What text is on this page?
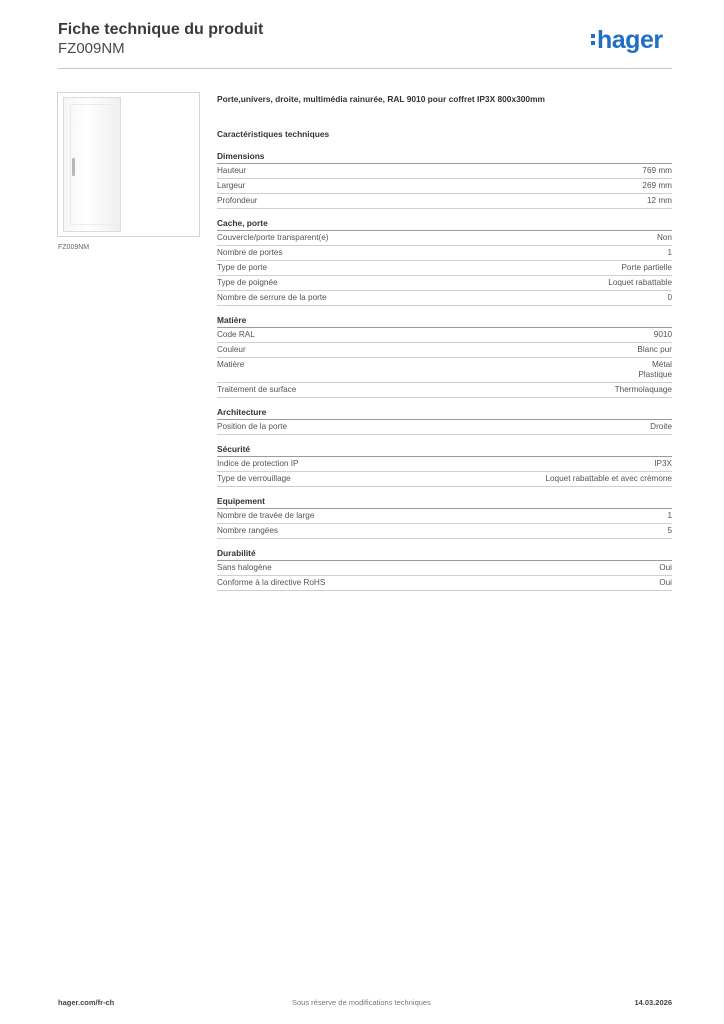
Fiche technique du produit
FZ009NM	hager
FZ009NM
Porte,univers, droite, multimédia rainurée, RAL 9010 pour coffret IP3X 800x300mm
Caractéristiques techniques
Dimensions
Hauteur	769 mm
Largeur	269 mm
Profondeur	12 mm
Cache, porte
Couvercle/porte transparent(e)	Non
Nombre de portes	1
Type de porte	Porte partielle
Type de poignée	Loquet rabattable
Nombre de serrure de la porte	0
Matière
Code RAL	9010
Couleur	Blanc pur
Matière	Métal
Plastique
Traitement de surface	Thermolaquage
Architecture
Position de la porte	Droite
Sécurité
Indice de protection IP	IP3X
Type de verrouillage	Loquet rabattable et avec crémone
Equipement
Nombre de travée de large	1
Nombre rangées	5
Durabilité
Sans halogène	Oui
Conforme à la directive RoHS	Oui
hager.com/fr-ch	Sous réserve de modifications techniques	14.03.2026
